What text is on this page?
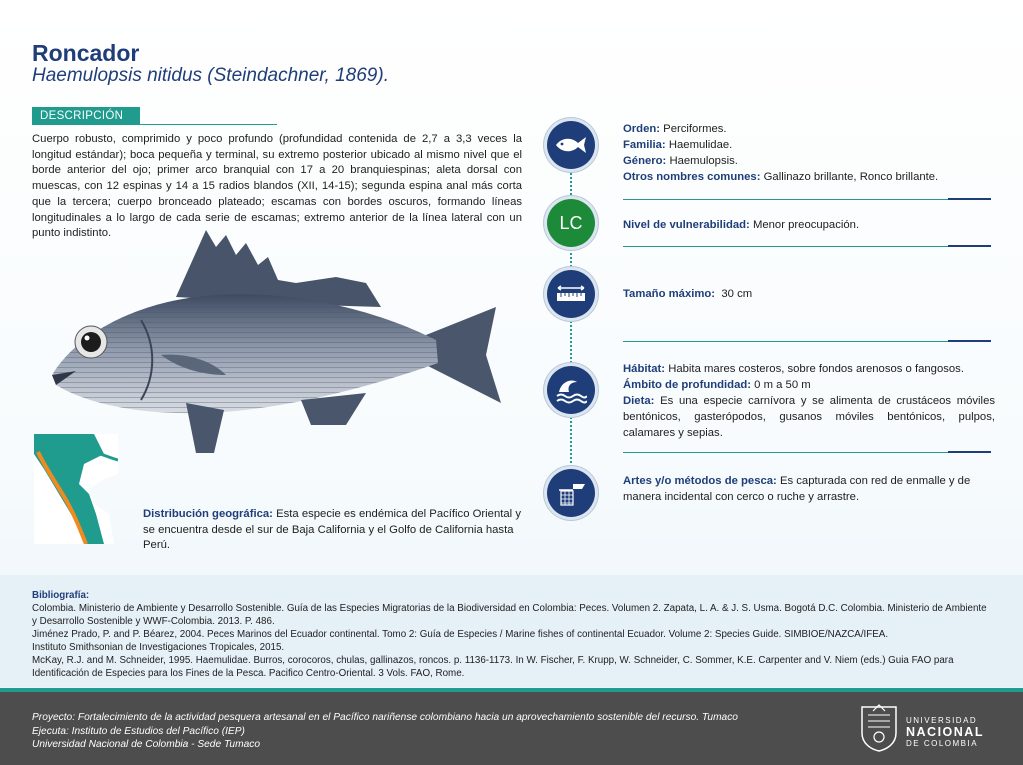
Roncador
Haemulopsis nitidus (Steindachner, 1869).
DESCRIPCIÓN
Cuerpo robusto, comprimido y poco profundo (profundidad contenida de 2,7 a 3,3 veces la longitud estándar); boca pequeña y terminal, su extremo posterior ubicado al mismo nivel que el borde anterior del ojo; primer arco branquial con 17 a 20 branquiespinas; aleta dorsal con muescas, con 12 espinas y 14 a 15 radios blandos (XII, 14-15); segunda espina anal más corta que la tercera; cuerpo bronceado plateado; escamas con bordes oscuros, formando líneas longitudinales a lo largo de cada serie de escamas; extremo anterior de la línea lateral con un punto indistinto.
Distribución geográfica: Esta especie es endémica del Pacífico Oriental y se encuentra desde el sur de Baja California y el Golfo de California hasta Perú.
LC
Orden: Perciformes.
Familia: Haemulidae.
Género: Haemulopsis.
Otros nombres comunes: Gallinazo brillante, Ronco brillante.
Nivel de vulnerabilidad: Menor preocupación.
Tamaño máximo: 30 cm
Hábitat: Habita mares costeros, sobre fondos arenosos o fangosos.
Ámbito de profundidad: 0 m a 50 m
Dieta: Es una especie carnívora y se alimenta de crustáceos móviles bentónicos, gasterópodos, gusanos móviles bentónicos, pulpos, calamares y sepias.
Artes y/o métodos de pesca: Es capturada con red de enmalle y de manera incidental con cerco o ruche y arrastre.
Bibliografía:
Colombia. Ministerio de Ambiente y Desarrollo Sostenible. Guía de las Especies Migratorias de la Biodiversidad en Colombia: Peces. Volumen 2. Zapata, L. A. & J. S. Usma. Bogotá D.C. Colombia. Ministerio de Ambiente y Desarrollo Sostenible y WWF-Colombia. 2013. P. 486.
Jiménez Prado, P. and P. Béarez, 2004. Peces Marinos del Ecuador continental. Tomo 2: Guía de Especies / Marine fishes of continental Ecuador. Volume 2: Species Guide. SIMBIOE/NAZCA/IFEA.
Instituto Smithsonian de Investigaciones Tropicales, 2015.
McKay, R.J. and M. Schneider, 1995. Haemulidae. Burros, corocoros, chulas, gallinazos, roncos. p. 1136-1173. In W. Fischer, F. Krupp, W. Schneider, C. Sommer, K.E. Carpenter and V. Niem (eds.) Guia FAO para Identificación de Especies para los Fines de la Pesca. Pacifico Centro-Oriental. 3 Vols. FAO, Rome.
Proyecto: Fortalecimiento de la actividad pesquera artesanal en el Pacífico nariñense colombiano hacia un aprovechamiento sostenible del recurso. Tumaco
Ejecuta: Instituto de Estudios del Pacífico (IEP)
Universidad Nacional de Colombia - Sede Tumaco
UNIVERSIDAD
NACIONAL
DE COLOMBIA
